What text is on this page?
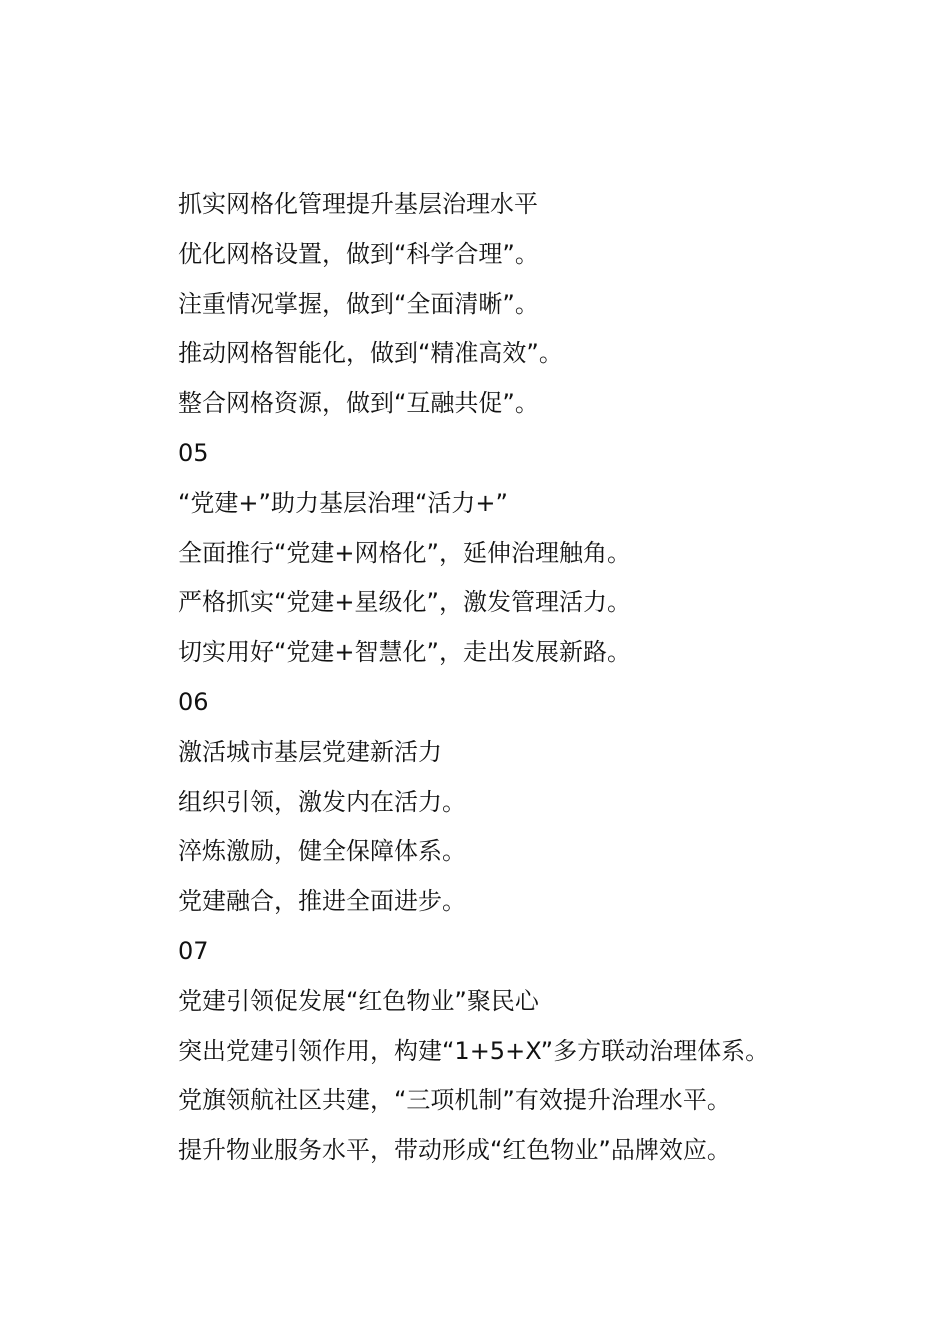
抓实网格化管理提升基层治理水平

优化网格设置，做到“科学合理”。

注重情况掌握，做到“全面清晰”。

推动网格智能化，做到“精准高效”。

整合网格资源，做到“互融共促”。

05

“党建+”助力基层治理“活力+”

全面推行“党建+网格化”，延伸治理触角。

严格抓实“党建+星级化”，激发管理活力。

切实用好“党建+智慧化”，走出发展新路。

06

激活城市基层党建新活力

组织引领，激发内在活力。

淬炼激励，健全保障体系。

党建融合，推进全面进步。

07

党建引领促发展“红色物业”聚民心

突出党建引领作用，构建“1+5+X”多方联动治理体系。

党旗领航社区共建，“三项机制”有效提升治理水平。

提升物业服务水平，带动形成“红色物业”品牌效应。
